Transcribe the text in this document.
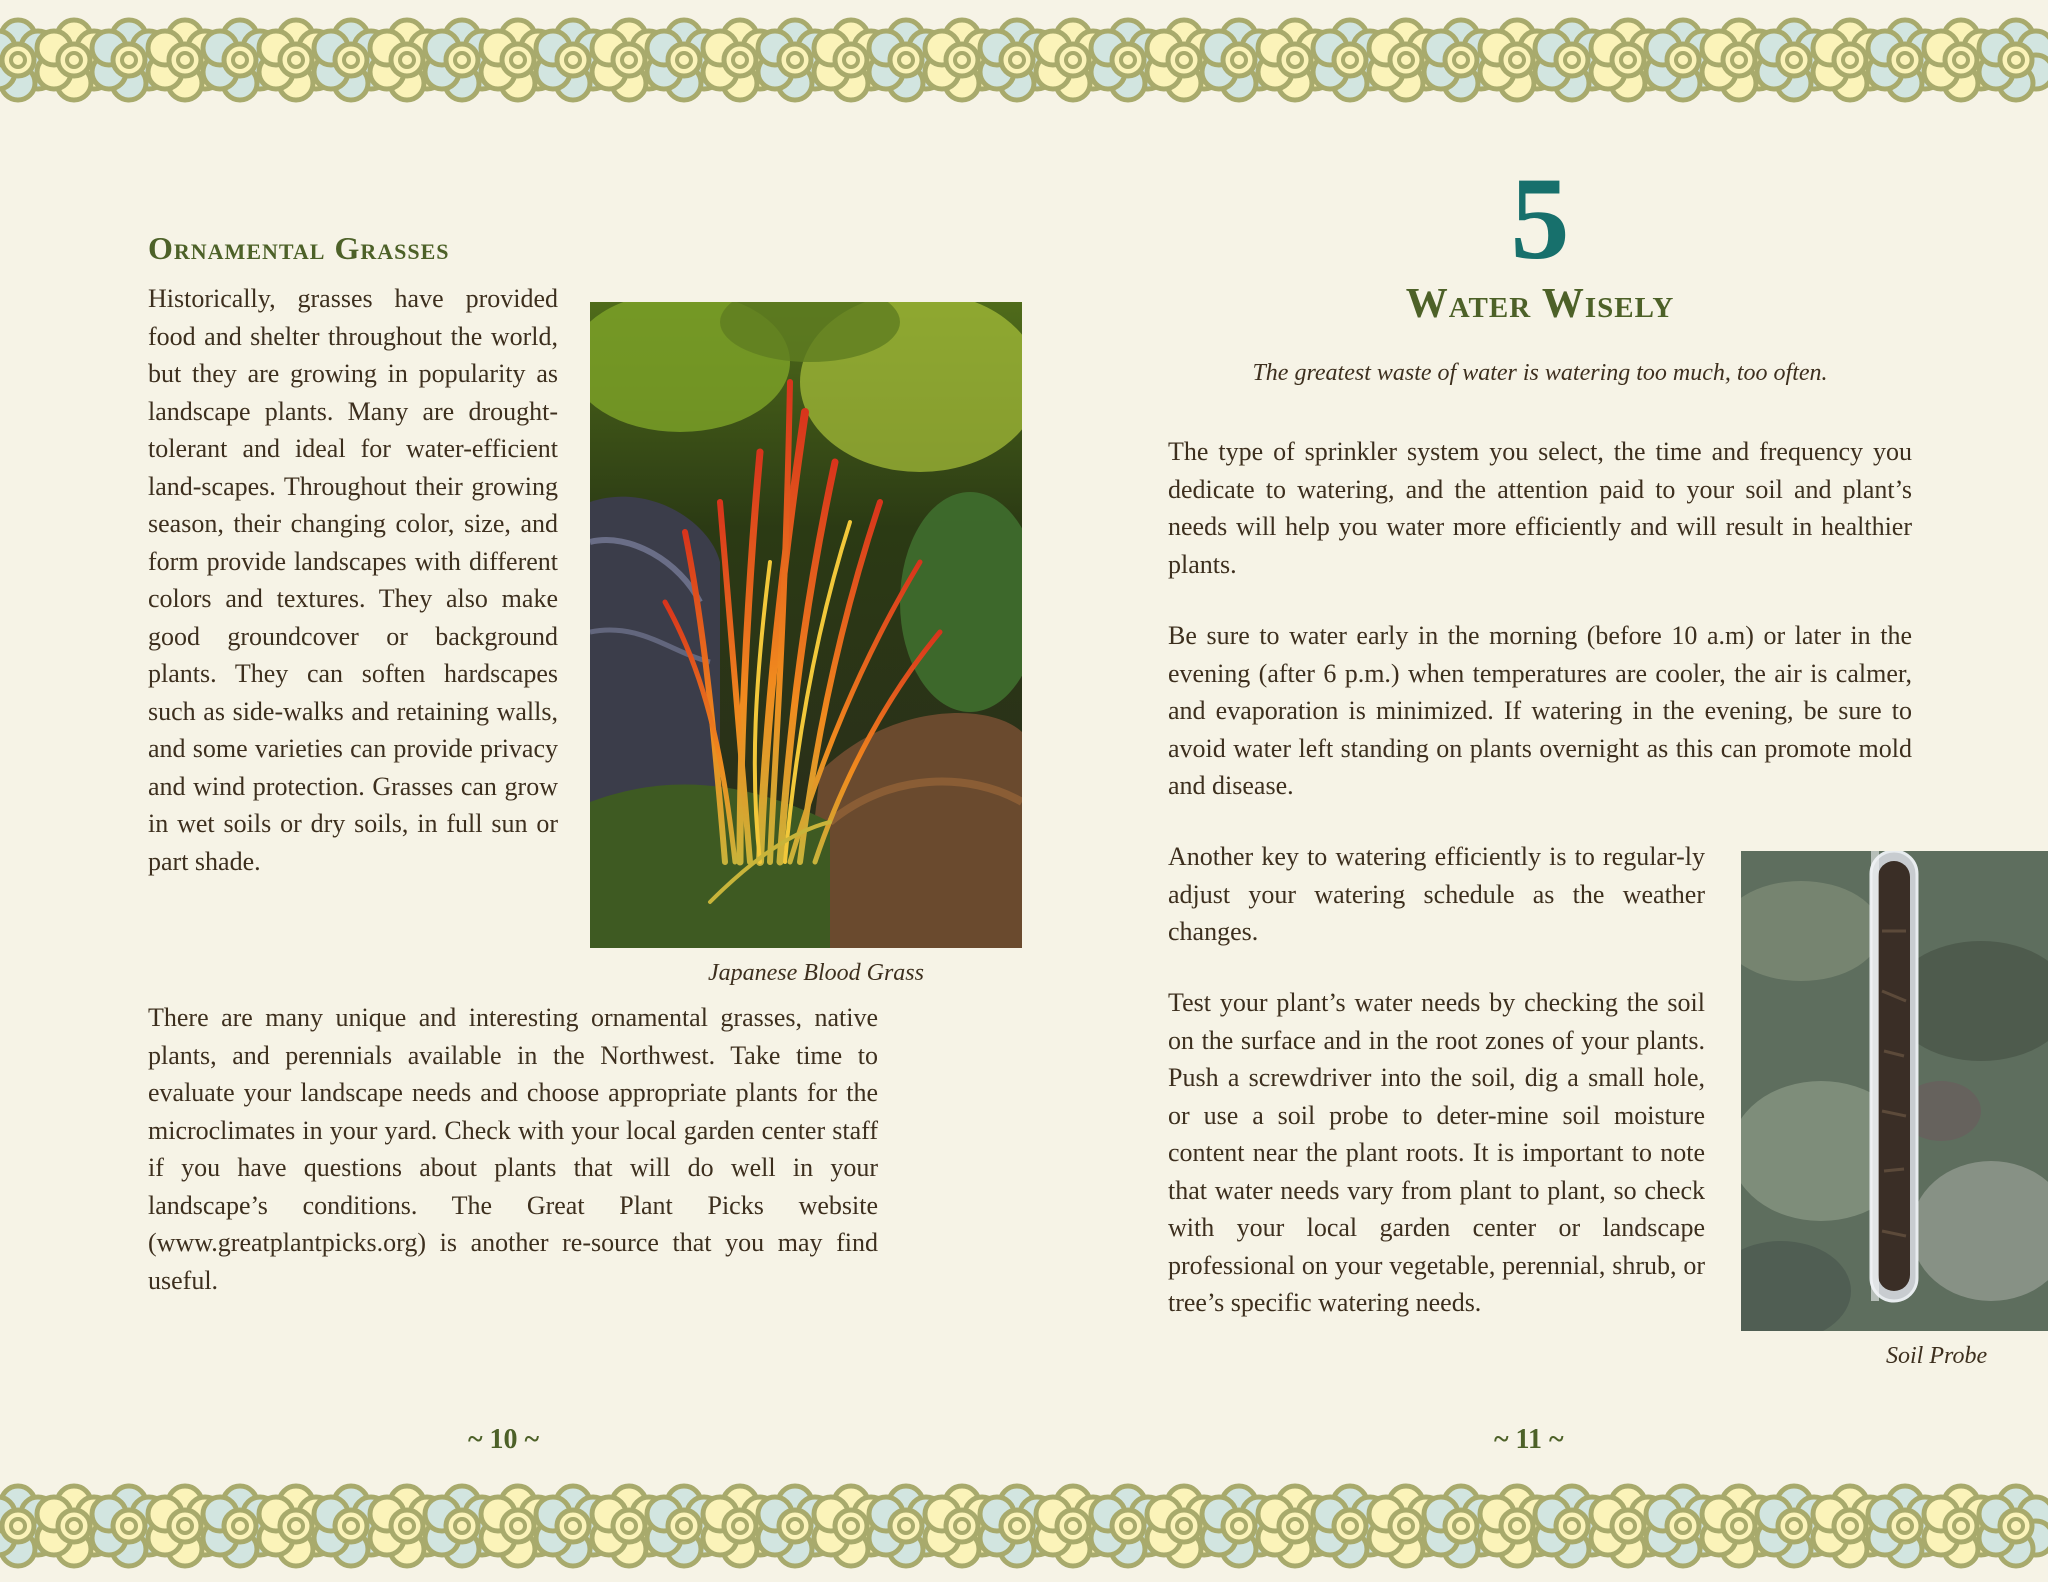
Ornamental Grasses

Historically, grasses have provided food and shelter throughout the world, but they are growing in popularity as landscape plants. Many are drought-tolerant and ideal for water-efficient land-scapes. Throughout their growing season, their changing color, size, and form provide landscapes with different colors and textures. They also make good groundcover or background plants. They can soften hardscapes such as side-walks and retaining walls, and some varieties can provide privacy and wind protection. Grasses can grow in wet soils or dry soils, in full sun or part shade.

Japanese Blood Grass

There are many unique and interesting ornamental grasses, native plants, and perennials available in the Northwest. Take time to evaluate your landscape needs and choose appropriate plants for the microclimates in your yard. Check with your local garden center staff if you have questions about plants that will do well in your landscape’s conditions. The Great Plant Picks website (www.greatplantpicks.org) is another re-source that you may find useful.

5
Water Wisely
The greatest waste of water is watering too much, too often.

The type of sprinkler system you select, the time and frequency you dedicate to watering, and the attention paid to your soil and plant’s needs will help you water more efficiently and will result in healthier plants.

Be sure to water early in the morning (before 10 a.m) or later in the evening (after 6 p.m.) when temperatures are cooler, the air is calmer, and evaporation is minimized. If watering in the evening, be sure to avoid water left standing on plants overnight as this can promote mold and disease.

Another key to watering efficiently is to regular-ly adjust your watering schedule as the weather changes.

Test your plant’s water needs by checking the soil on the surface and in the root zones of your plants. Push a screwdriver into the soil, dig a small hole, or use a soil probe to deter-mine soil moisture content near the plant roots. It is important to note that water needs vary from plant to plant, so check with your local garden center or landscape professional on your vegetable, perennial, shrub, or tree’s specific watering needs.

Soil Probe
~ 10 ~	~ 11 ~
